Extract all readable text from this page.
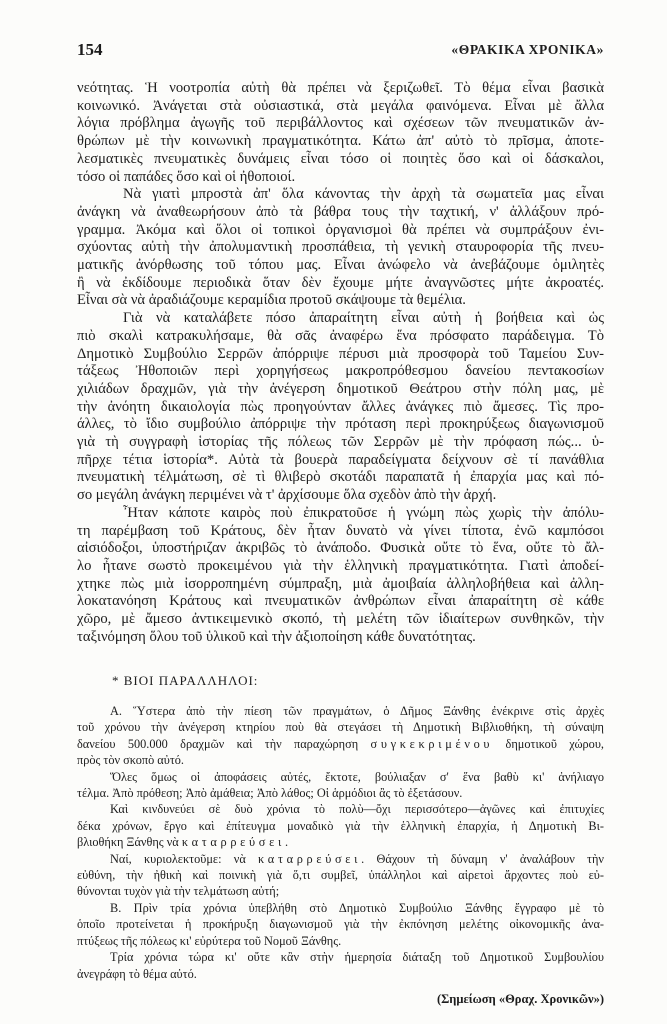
154	«ΘΡΑΚΙΚΑ ΧΡΟΝΙΚΑ»
νεότητας. Ἡ νοοτροπία αὐτὴ θὰ πρέπει νὰ ξεριζωθεῖ. Τὸ θέμα εἶναι βασικὰ
κοινωνικό. Ἀνάγεται στὰ οὐσιαστικά, στὰ μεγάλα φαινόμενα. Εἶναι μὲ ἄλλα
λόγια πρόβλημα ἀγωγῆς τοῦ περιβάλλοντος καὶ σχέσεων τῶν πνευματικῶν ἀν-
θρώπων μὲ τὴν κοινωνικὴ πραγματικότητα. Κάτω ἀπ' αὐτὸ τὸ πρῖσμα, ἀποτε-
λεσματικὲς πνευματικὲς δυνάμεις εἶναι τόσο οἱ ποιητὲς ὅσο καὶ οἱ δάσκαλοι,
τόσο οἱ παπάδες ὅσο καὶ οἱ ἠθοποιοί.
Νὰ γιατὶ μπροστὰ ἀπ' ὅλα κάνοντας τὴν ἀρχὴ τὰ σωματεῖα μας εἶναι
ἀνάγκη νὰ ἀναθεωρήσουν ἀπὸ τὰ βάθρα τους τὴν ταχτική, ν' ἀλλάξουν πρό-
γραμμα. Ἀκόμα καὶ ὅλοι οἱ τοπικοὶ ὀργανισμοὶ θὰ πρέπει νὰ συμπράξουν ἐνι-
σχύοντας αὐτὴ τὴν ἀπολυμαντικὴ προσπάθεια, τὴ γενικὴ σταυροφορία τῆς πνευ-
ματικῆς ἀνόρθωσης τοῦ τόπου μας. Εἶναι ἀνώφελο νὰ ἀνεβάζουμε ὁμιλητὲς
ἢ νὰ ἐκδίδουμε περιοδικὰ ὅταν δὲν ἔχουμε μήτε ἀναγνῶστες μήτε ἀκροατές.
Εἶναι σὰ νὰ ἀραδιάζουμε κεραμίδια προτοῦ σκάψουμε τὰ θεμέλια.
Γιὰ νὰ καταλάβετε πόσο ἀπαραίτητη εἶναι αὐτὴ ἡ βοήθεια καὶ ὡς
πιὸ σκαλὶ κατρακυλήσαμε, θὰ σᾶς ἀναφέρω ἕνα πρόσφατο παράδειγμα. Τὸ
Δημοτικὸ Συμβούλιο Σερρῶν ἀπόρριψε πέρυσι μιὰ προσφορὰ τοῦ Ταμείου Συν-
τάξεως Ἠθοποιῶν περὶ χορηγήσεως μακροπρόθεσμου δανείου πεντακοσίων
χιλιάδων δραχμῶν, γιὰ τὴν ἀνέγερση δημοτικοῦ Θεάτρου στὴν πόλη μας, μὲ
τὴν ἀνόητη δικαιολογία πὼς προηγούνταν ἄλλες ἀνάγκες πιὸ ἄμεσες. Τὶς προ-
άλλες, τὸ ἴδιο συμβούλιο ἀπόρριψε τὴν πρόταση περὶ προκηρύξεως διαγωνισμοῦ
γιὰ τὴ συγγραφὴ ἱστορίας τῆς πόλεως τῶν Σερρῶν μὲ τὴν πρόφαση πώς... ὑ-
πῆρχε τέτια ἱστορία*. Αὐτὰ τὰ βουερὰ παραδείγματα δείχνουν σὲ τί πανάθλια
πνευματικὴ τέλμάτωση, σὲ τὶ θλιβερὸ σκοτάδι παραπατᾶ ἡ ἐπαρχία μας καὶ πό-
σο μεγάλη ἀνάγκη περιμένει νὰ τ' ἀρχίσουμε ὅλα σχεδὸν ἀπὸ τὴν ἀρχή.
Ἦταν κάποτε καιρὸς ποὺ ἐπικρατοῦσε ἡ γνώμη πὼς χωρὶς τὴν ἀπόλυ-
τη παρέμβαση τοῦ Κράτους, δὲν ἦταν δυνατὸ νὰ γίνει τίποτα, ἐνῶ καμπόσοι
αἰσιόδοξοι, ὑποστήριζαν ἀκριβῶς τὸ ἀνάποδο. Φυσικὰ οὔτε τὸ ἕνα, οὔτε τὸ ἄλ-
λο ἦτανε σωστὸ προκειμένου γιὰ τὴν ἑλληνικὴ πραγματικότητα. Γιατὶ ἀποδεί-
χτηκε πὼς μιὰ ἰσορροπημένη σύμπραξη, μιὰ ἀμοιβαία ἀλληλοβήθεια καὶ ἀλλη-
λοκατανόηση Κράτους καὶ πνευματικῶν ἀνθρώπων εἶναι ἀπαραίτητη σὲ κάθε
χῶρο, μὲ ἄμεσο ἀντικειμενικὸ σκοπό, τὴ μελέτη τῶν ἰδιαίτερων συνθηκῶν, τὴν
ταξινόμηση ὅλου τοῦ ὑλικοῦ καὶ τὴν ἀξιοποίηση κάθε δυνατότητας.
* ΒΙΟΙ ΠΑΡΑΛΛΗΛΟΙ:
Α. Ὕστερα ἀπὸ τὴν πίεση τῶν πραγμάτων, ὁ Δῆμος Ξάνθης ἐνέκρινε στὶς ἀρχὲς
τοῦ χρόνου τὴν ἀνέγερση κτηρίου ποὺ θὰ στεγάσει τὴ Δημοτικὴ Βιβλιοθήκη, τὴ σύναψη
δανείου 500.000 δραχμῶν καὶ τὴν παραχώρηση συγκεκριμένου δημοτικοῦ χώρου,
πρὸς τὸν σκοπὸ αὐτό.
Ὅλες ὅμως οἱ ἀποφάσεις αὐτές, ἔκτοτε, βούλιαξαν σ' ἕνα βαθὺ κι' ἀνήλιαγο
τέλμα. Ἀπὸ πρόθεση; Ἀπὸ ἀμάθεια; Ἀπὸ λάθος; Οἱ ἁρμόδιοι ἂς τὸ ἐξετάσουν.
Καὶ κινδυνεύει σὲ δυὸ χρόνια τὸ πολὺ—ὄχι περισσότερο—ἀγῶνες καὶ ἐπιτυχίες
δέκα χρόνων, ἔργο καὶ ἐπίτευγμα μοναδικὸ γιὰ τὴν ἑλληνικὴ ἐπαρχία, ἡ Δημοτικὴ Βι-
βλιοθήκη Ξάνθης νὰ καταρρεύσει.
Ναί, κυριολεκτοῦμε: νὰ καταρρεύσει. Θάχουν τὴ δύναμη ν' ἀναλάβουν τὴν
εὐθύνη, τὴν ἠθικὴ καὶ ποινικὴ γιὰ ὅ,τι συμβεῖ, ὑπάλληλοι καὶ αἱρετοὶ ἄρχοντες ποὺ εὐ-
θύνονται τυχὸν γιὰ τὴν τελμάτωση αὐτή;
Β. Πρὶν τρία χρόνια ὑπεβλήθη στὸ Δημοτικὸ Συμβούλιο Ξάνθης ἔγγραφο μὲ τὸ
ὁποῖο προτείνεται ἡ προκήρυξη διαγωνισμοῦ γιὰ τὴν ἐκπόνηση μελέτης οἰκονομικῆς ἀνα-
πτύξεως τῆς πόλεως κι' εὐρύτερα τοῦ Νομοῦ Ξάνθης.
Τρία χρόνια τώρα κι' οὔτε κἂν στὴν ἡμερησία διάταξη τοῦ Δημοτικοῦ Συμβουλίου
ἀνεγράφη τὸ θέμα αὐτό.
(Σημείωση «Θραχ. Χρονικῶν»)
